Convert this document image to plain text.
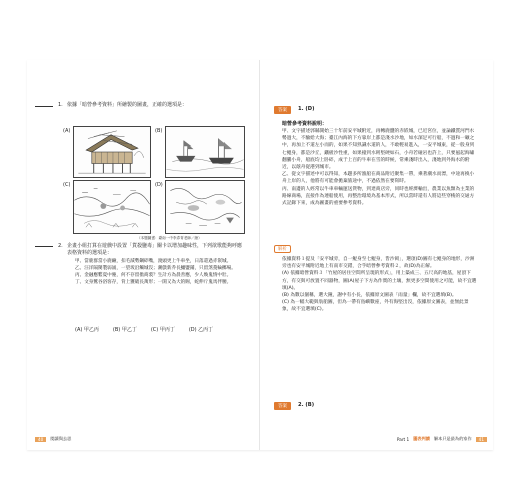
1. 依據「暗營參考資料」所繪製的圖畫，正確的選項是：
(A)	(B)
(C)	(D)
（本題圖畫：臺南一中李彥青老師／繪）
2. 企畫小組打算在遊戲中設置「貨殺鹽毒」關卡以增加趣味性，下列欲歌能夠呼應表格資料的選項是：
甲、當鹿群當小鹿鹼，扣毛減勢鋼碎嘴，渡頭更上牛車坐，日落還過赤嵌城。
乙、汪洋隔閡製弱涌，一望坂沿觸城沒；潮戲新乔長鱷鹽鋪，只留煞蔓輪擲場。
丙、金融應繫夏中塵，何不存留擔商裘？生計方為晨善應，少人煥鬼情中壯。
丁、文身鸞谷浴客存，背上獲破長萬形；一開又為大的賜，蛇伸斤鬼馬伴腰。
(A) 甲乙丙	(B) 甲乙丁	(C) 甲丙丁	(D) 乙丙丁
40	閱讀與去思
答案	1. (D)
暗營參考資料說明：

甲、文字描述郭縣開始三十年前安平城附近，再轉鹿鹽的赤嵌城，已近宮位，並論鐵質河門水勢過大，不驗給大海；臺江內海的下方靠岸上都是淺水沙地，如水深足可行船，不過和一礦之中，再加上不道左小而的，如果不知熟識水道的人，不敢輕易進入，一安平城東，從一般身到七鯤身，都是沙丘，鐵板沙性重，如果撞到水則堅硬如石，小舟若碰岩也許上，只要風起海嘯翻騰小舟，船底均上卧碎，成于上百的牛車在雪的時候，常乘淺時出入，淺地到外海水的附近，以蔭舟從港到城市。

乙、從文字描述中可以得知，本題多所漁船在商品附近聚集一帶，乘著潮水而漂，中途再換小舟上岸的人，他將有可能會拋棄旅途中，不過依然在要寫時。

丙、南邊的人經常以牛車車輛運送貨物，到達商店旁，同時也經濟輸出，農業以魚類為主業的路線商場，直接作為連船使用，再整治環境為基本形式，所以當時還有人將這些穿梭的交通方式記錄下來，成為圖畫的重要參考資料。

解析

依據資料１提及「安平城旁，自一鯤身至七鯤身，皆沙岡」，選項(D)圖有七鯤身的地形，沙洲旁也有安平城附近地上有南市交錯，合乎暗營參考資料２，故(D)為正解。

(A) 依據暗營資料３「竹屋的居住空間所呈現的形式」，用上築成三、五尺高的地基，屋頂下方，有交與可放置不同器物，圖(A)屋子下方為作實的土壤，無更多空間使用之可能，故不宜選填(A)。

(B) 為數以個稱，選大鐘，謝中有小長，依據原文圖表「雨量」欄，故不宜選填(B)。

(C) 為一幅大範與翁船圖，但為一帶有島嶼數座，外有海堅出沒，依據原文圖表，並無此景象，故不宜選填(C)。

答案	2. (B)
Part 1 圖表判讀 解本只是最為的家作	41
